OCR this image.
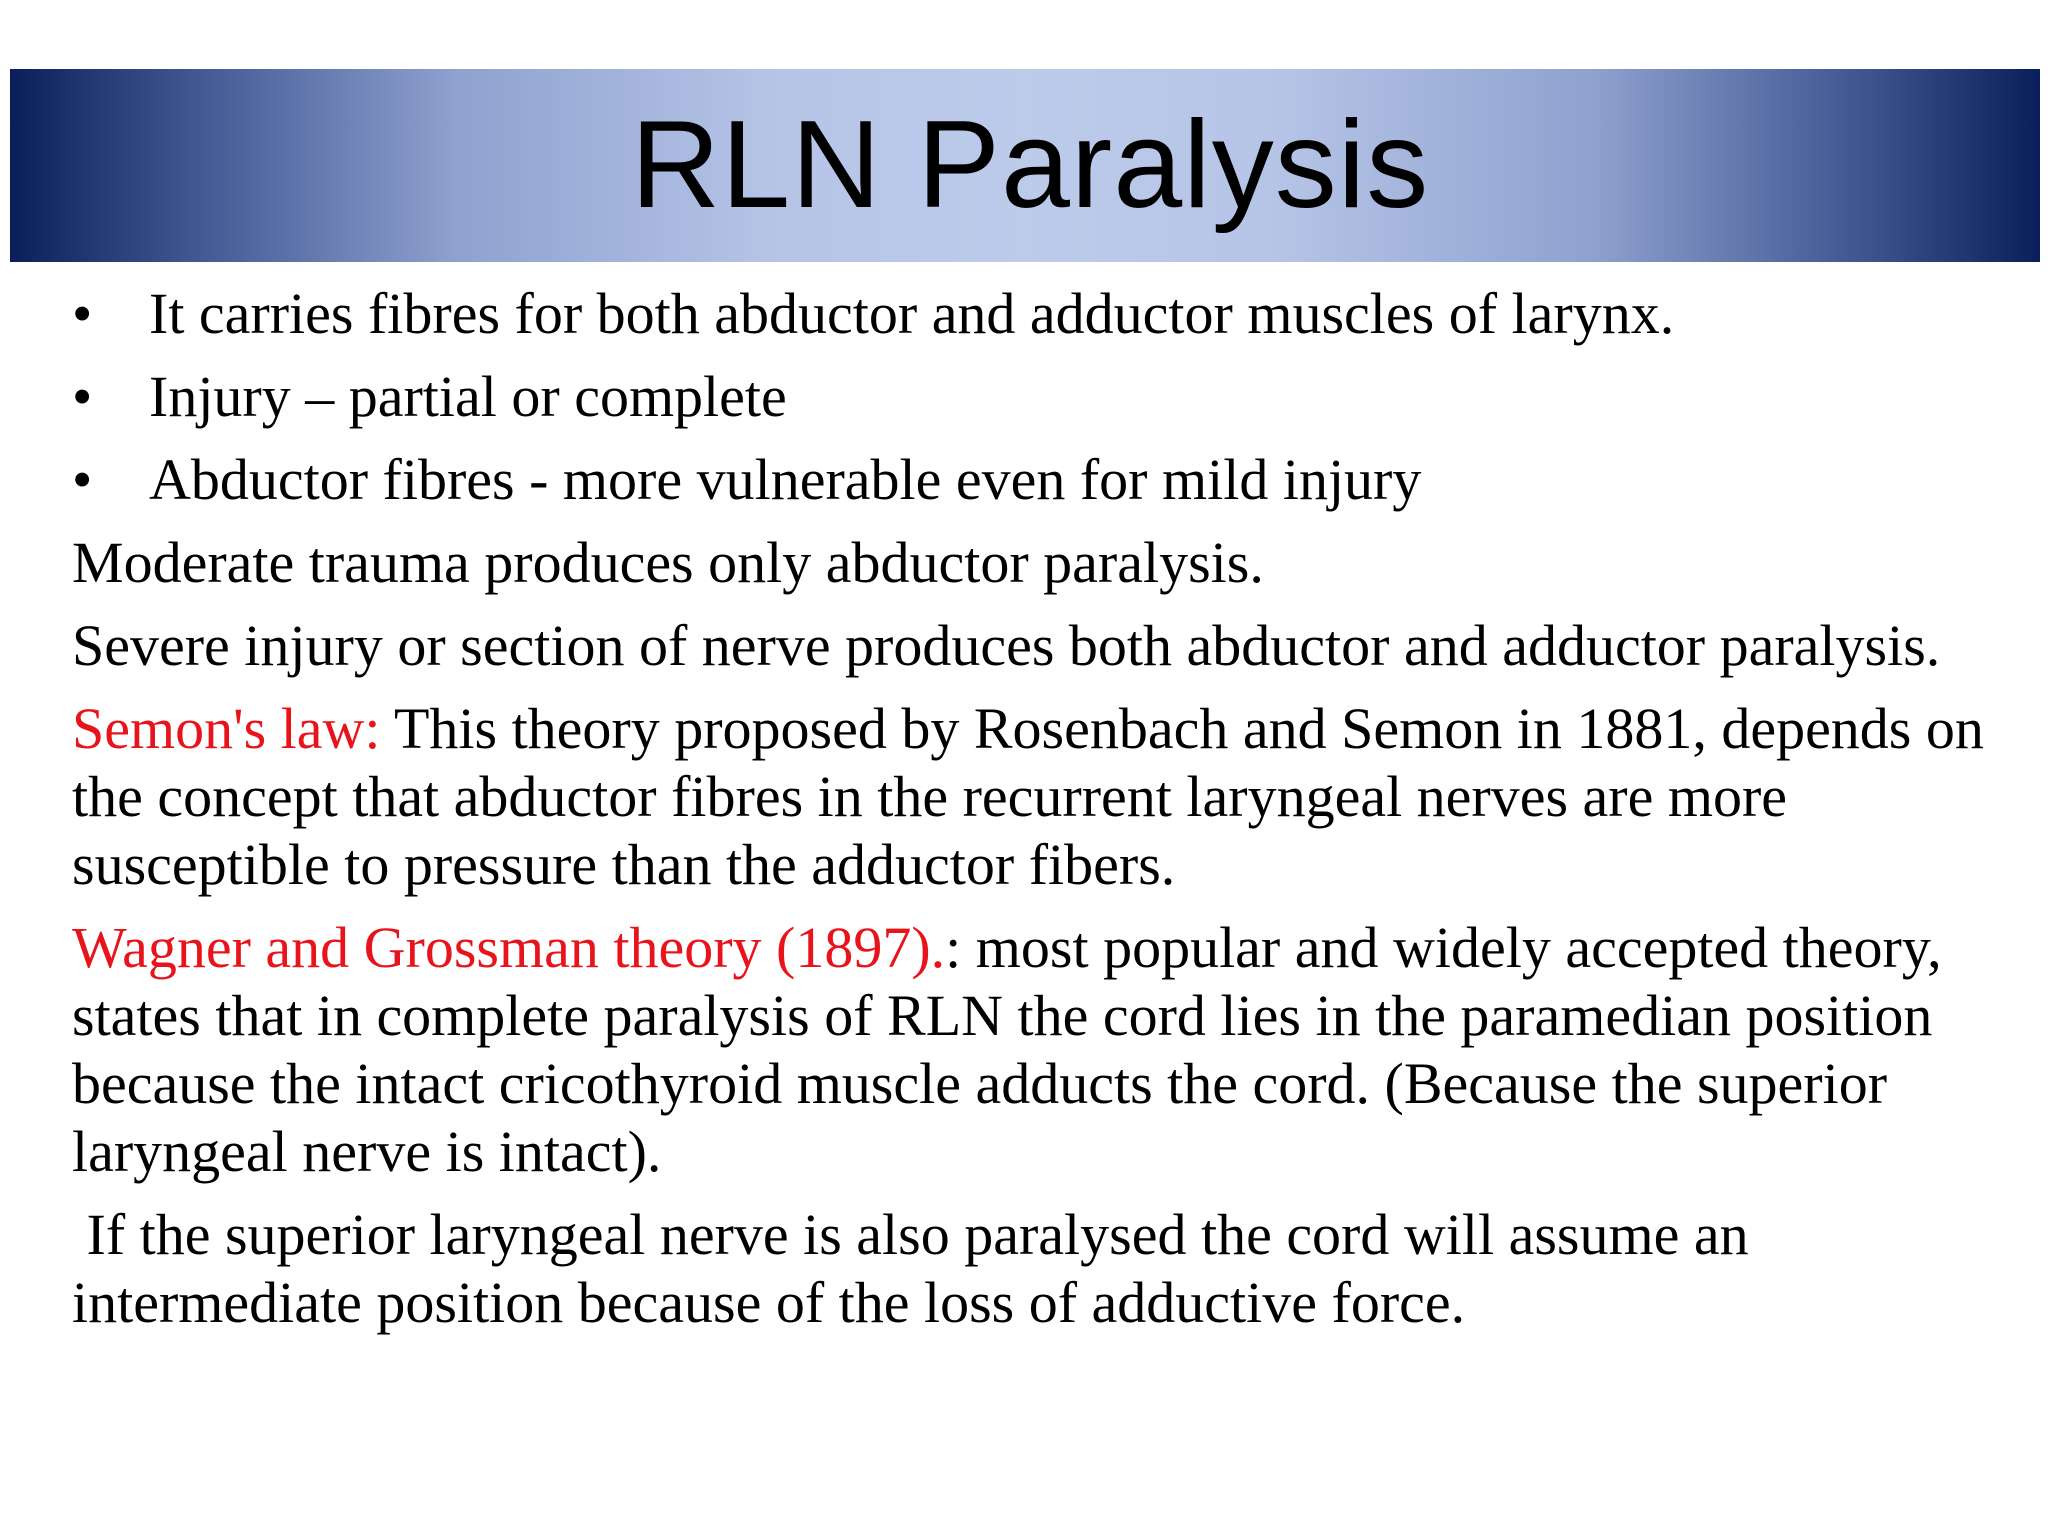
RLN Paralysis
• It carries fibres for both abductor and adductor muscles of larynx.
• Injury – partial or complete
• Abductor fibres - more vulnerable even for mild injury

Moderate trauma produces only abductor paralysis.

Severe injury or section of nerve produces both abductor and adductor paralysis.

Semon's law: This theory proposed by Rosenbach and Semon in 1881, depends on the concept that abductor fibres in the recurrent laryngeal nerves are more susceptible to pressure than the adductor fibers.

Wagner and Grossman theory (1897).: most popular and widely accepted theory, states that in complete paralysis of RLN the cord lies in the paramedian position because the intact cricothyroid muscle adducts the cord. (Because the superior laryngeal nerve is intact).

If the superior laryngeal nerve is also paralysed the cord will assume an intermediate position because of the loss of adductive force.
